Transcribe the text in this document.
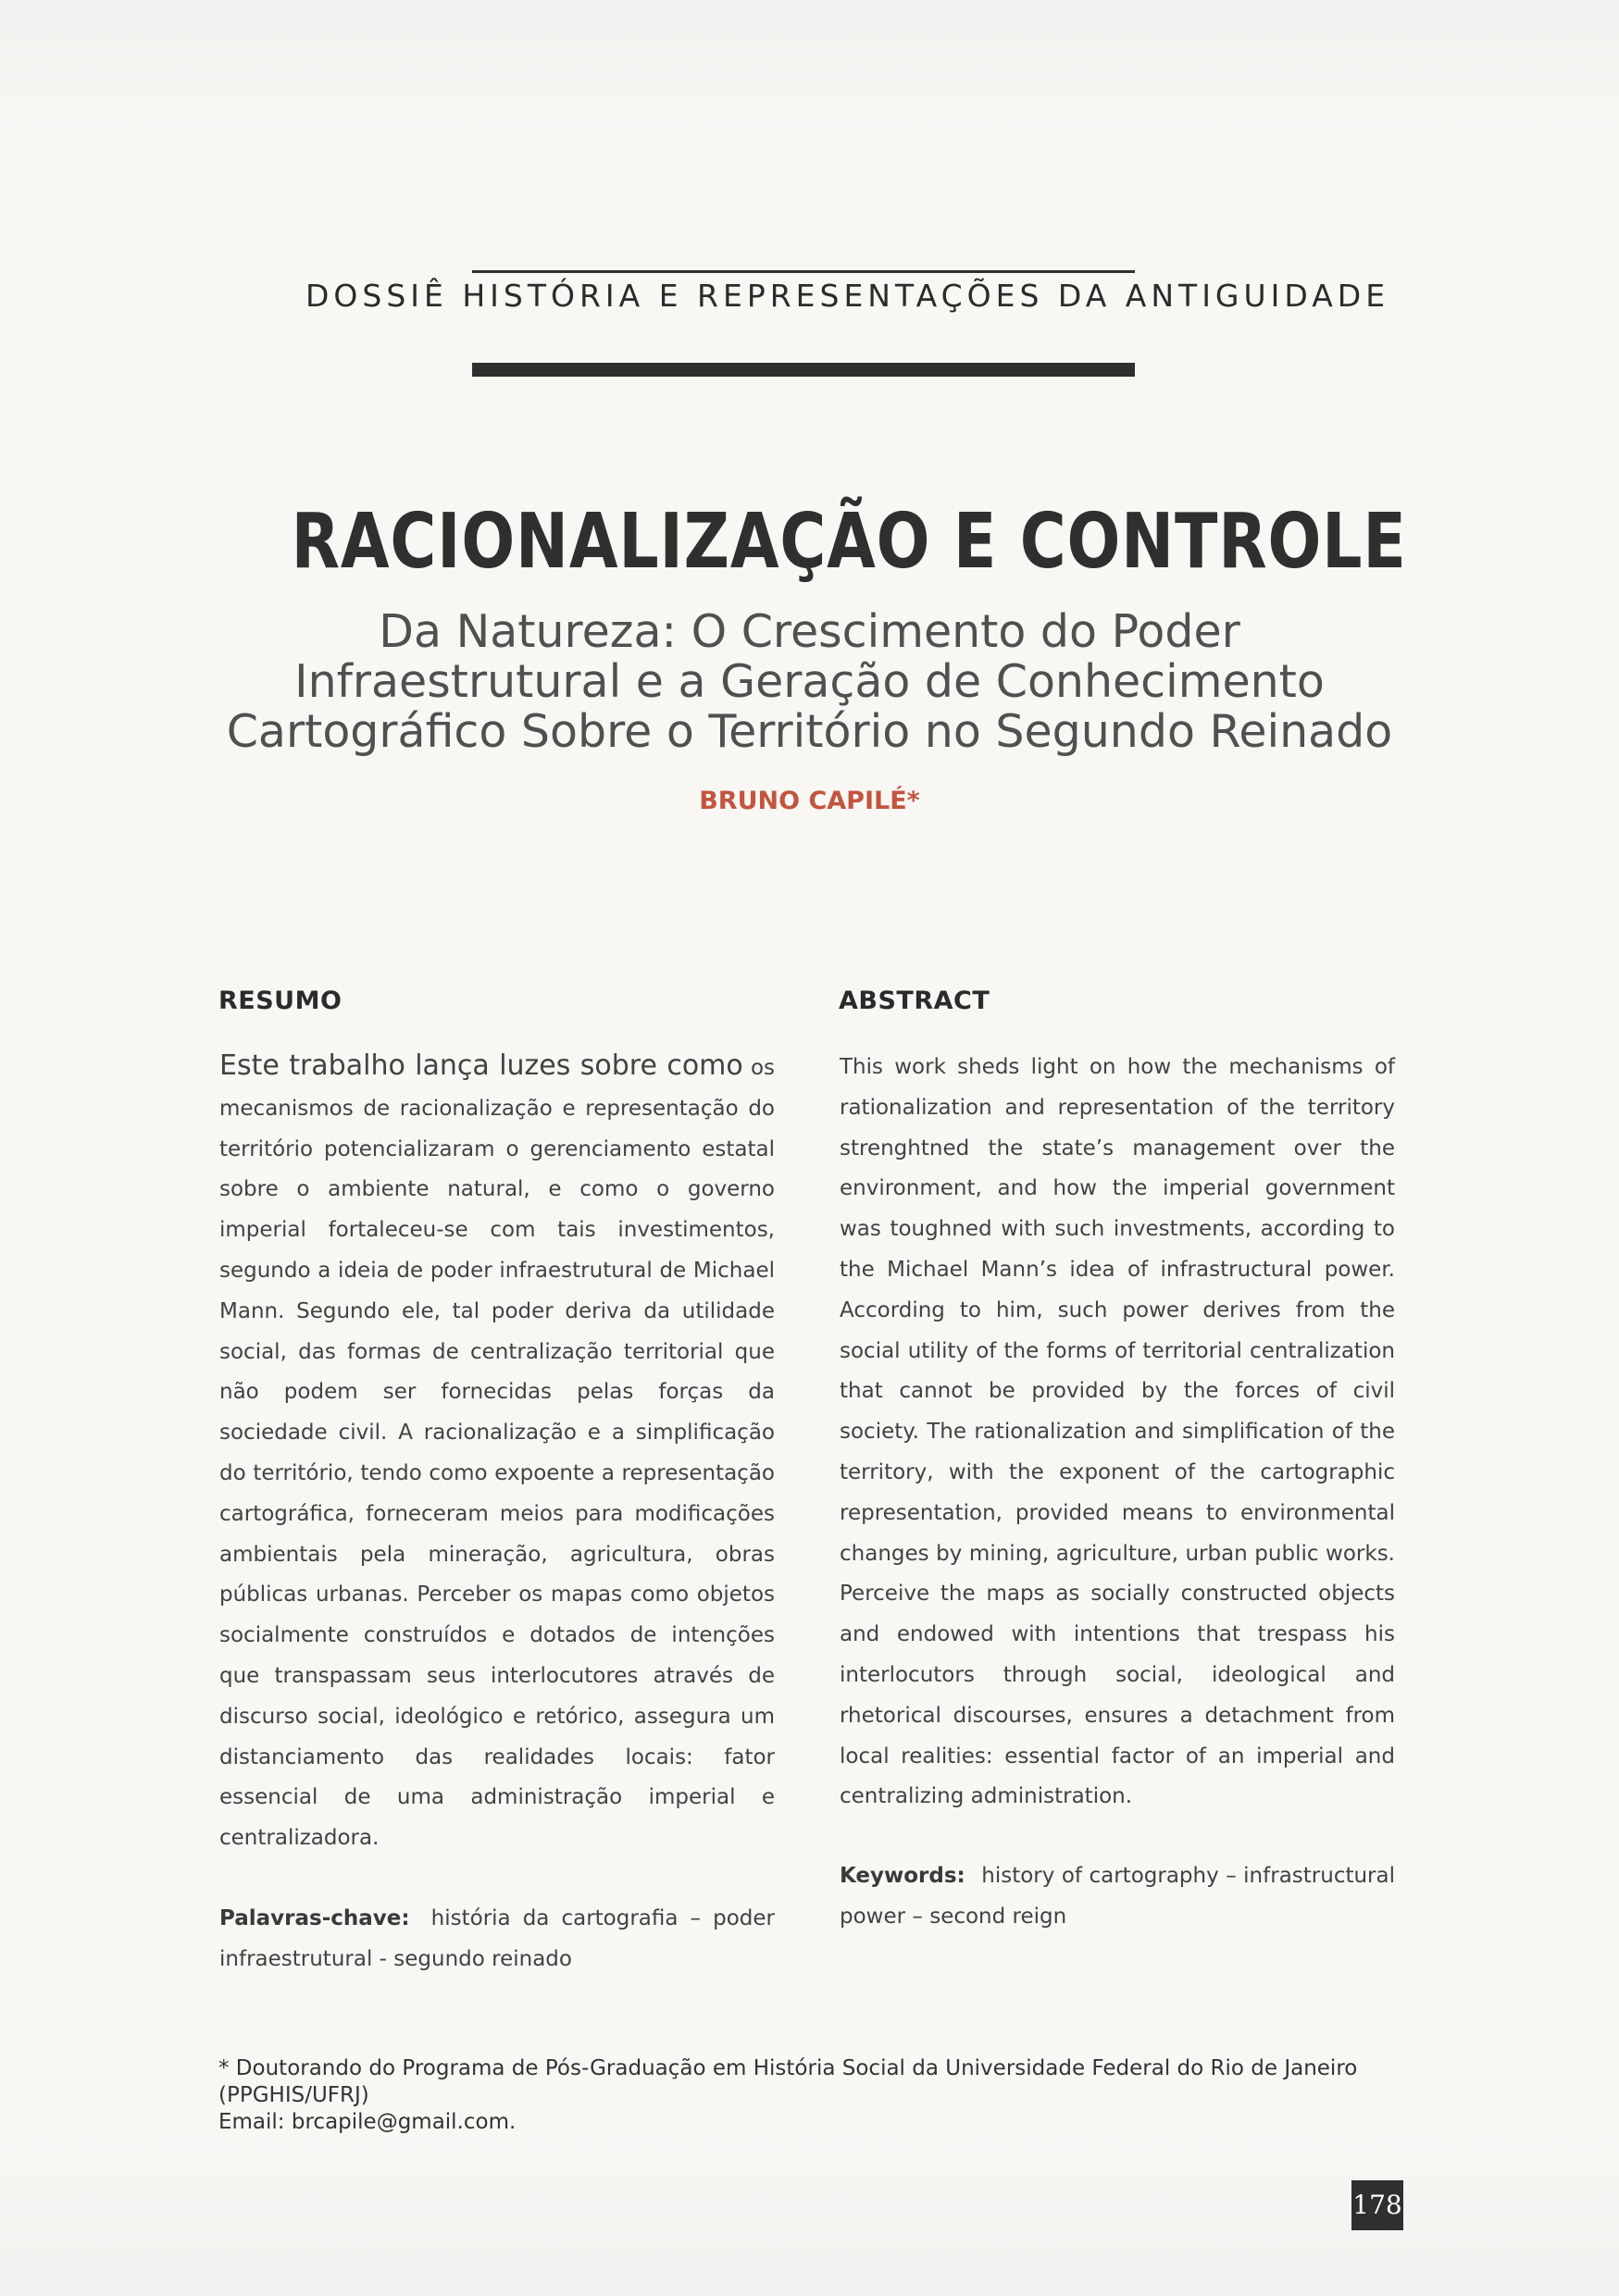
DOSSIÊ HISTÓRIA E REPRESENTAÇÕES DA ANTIGUIDADE
RACIONALIZAÇÃO E CONTROLE
Da Natureza: O Crescimento do Poder
Infraestrutural e a Geração de Conhecimento
Cartográfico Sobre o Território no Segundo Reinado
BRUNO CAPILÉ*
RESUMO
Este trabalho lança luzes sobre como os mecanismos de racionalização e representação do território potencializaram o gerenciamento estatal sobre o ambiente natural, e como o governo imperial fortaleceu-se com tais investimentos, segundo a ideia de poder infraestrutural de Michael Mann. Segundo ele, tal poder deriva da utilidade social, das formas de centralização territorial que não podem ser fornecidas pelas forças da sociedade civil. A racionalização e a simplificação do território, tendo como expoente a representação cartográfica, forneceram meios para modificações ambientais pela mineração, agricultura, obras públicas urbanas. Perceber os mapas como objetos socialmente construídos e dotados de intenções que transpassam seus interlocutores através de discurso social, ideológico e retórico, assegura um distanciamento das realidades locais: fator essencial de uma administração imperial e centralizadora.
Palavras-chave: história da cartografia – poder infraestrutural - segundo reinado
ABSTRACT
This work sheds light on how the mechanisms of rationalization and representation of the territory strenghtned the state’s management over the environment, and how the imperial government was toughned with such investments, according to the Michael Mann’s idea of infrastructural power. According to him, such power derives from the social utility of the forms of territorial centralization that cannot be provided by the forces of civil society. The rationalization and simplification of the territory, with the exponent of the cartographic representation, provided means to environmental changes by mining, agriculture, urban public works. Perceive the maps as socially constructed objects and endowed with intentions that trespass his interlocutors through social, ideological and rhetorical discourses, ensures a detachment from local realities: essential factor of an imperial and centralizing administration.
Keywords: history of cartography – infrastructural power – second reign
* Doutorando do Programa de Pós-Graduação em História Social da Universidade Federal do Rio de Janeiro
(PPGHIS/UFRJ)
Email: brcapile@gmail.com.
178
